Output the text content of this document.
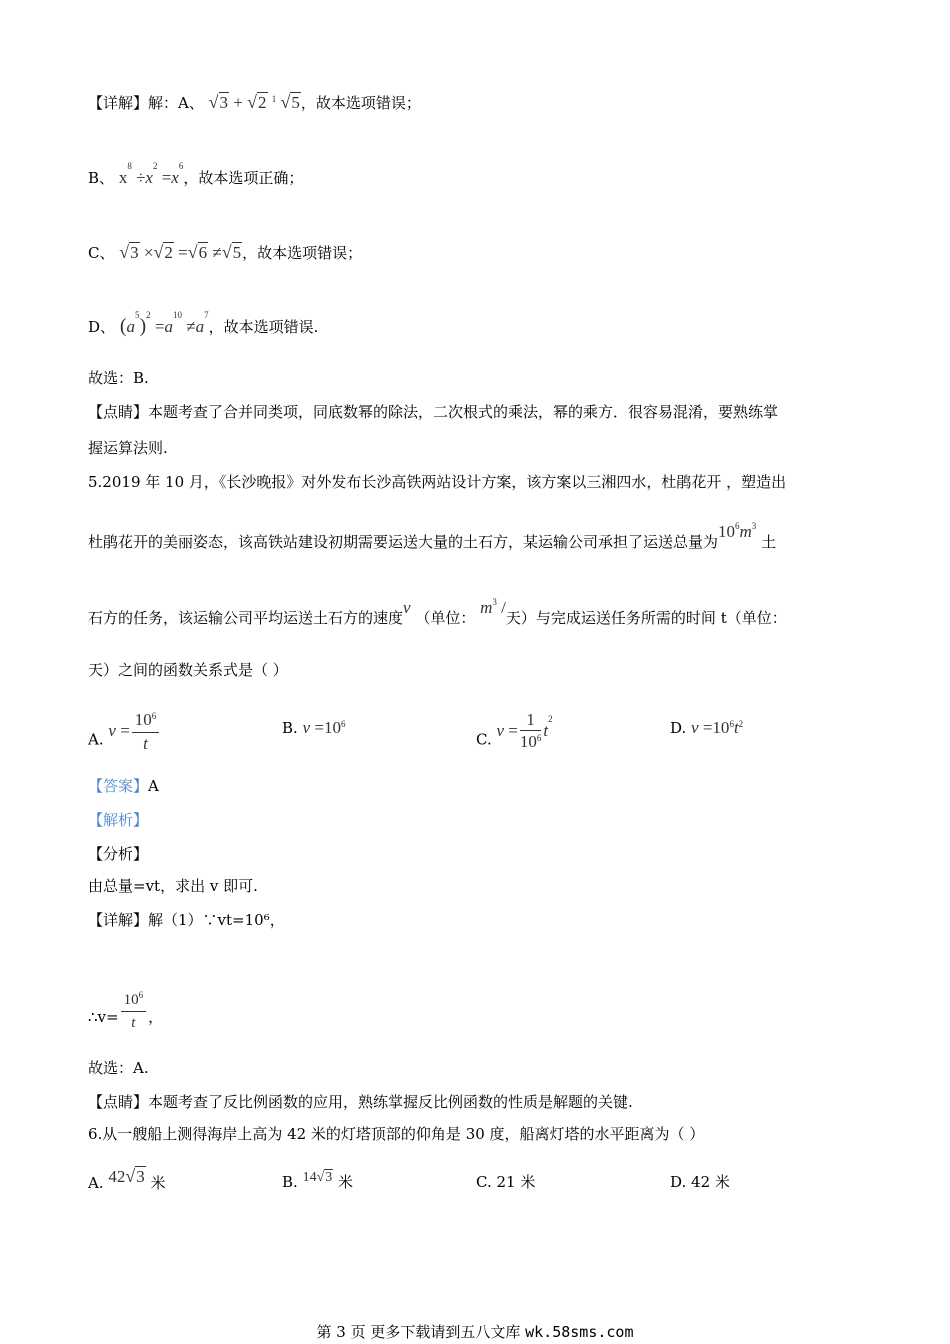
【详解】解：A、 √3 + √2 $^1$ √5，故本选项错误；
B、 $x^8 \div x^2 =x^6$，故本选项正确；
C、 √3 ×√2 =√6 ≠√5，故本选项错误；
D、 $(a^5)^2 =a^{10} \ne a^7$，故本选项错误.
故选：B.
【点睛】本题考查了合并同类项，同底数幂的除法，二次根式的乘法，幂的乘方．很容易混淆，要熟练掌
握运算法则.
5.2019 年 10 月，《长沙晚报》对外发布长沙高铁两站设计方案，该方案以三湘四水，杜鹃花开 ，塑造出
杜鹃花开的美丽姿态，该高铁站建设初期需要运送大量的土石方，某运输公司承担了运送总量为$10^6m^3$ 土
石方的任务，该运输公司平均运送土石方的速度v （单位： $m^3$ /天）与完成运送任务所需的时间 t（单位：
天）之间的函数关系式是（ ）
A. $v = \frac{10^6}{t}$	B. $v =10^6$
C. $v = \frac{1}{10^6} t^2$	D. $v =10^6t^2$
【答案】A
【解析】
【分析】
由总量=vt，求出 v 即可.
【详解】解（1）∵vt=10⁶，
∴v= $\frac{10^6}{t}$ ，
故选：A.
【点睛】本题考查了反比例函数的应用，熟练掌握反比例函数的性质是解题的关键.
6.从一艘船上测得海岸上高为 42 米的灯塔顶部的仰角是 30 度，船离灯塔的水平距离为（ ）
A. 42√3 米	B. 14√3 米	C. 21 米	D. 42 米
第 3 页 更多下载请到五八文库 wk.58sms.com
